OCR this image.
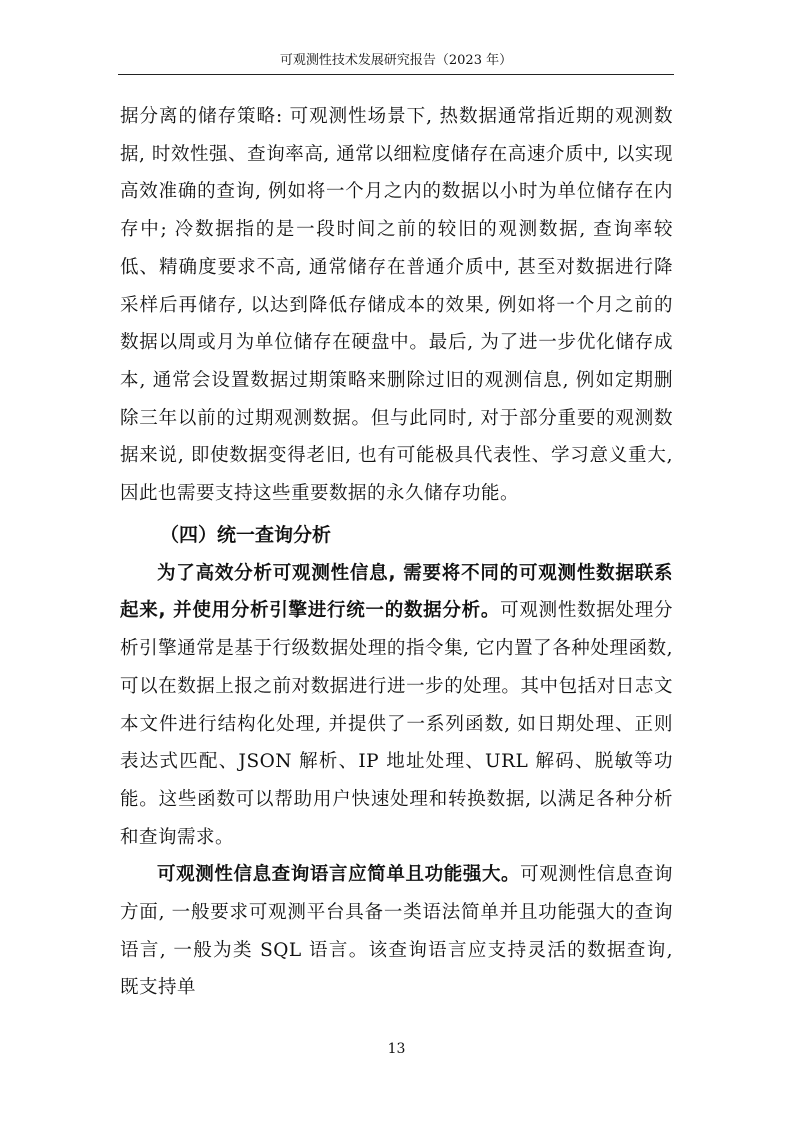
可观测性技术发展研究报告（2023 年）

据分离的储存策略: 可观测性场景下, 热数据通常指近期的观测数据, 时效性强、查询率高, 通常以细粒度储存在高速介质中, 以实现高效准确的查询, 例如将一个月之内的数据以小时为单位储存在内存中; 冷数据指的是一段时间之前的较旧的观测数据, 查询率较低、精确度要求不高, 通常储存在普通介质中, 甚至对数据进行降采样后再储存, 以达到降低存储成本的效果, 例如将一个月之前的数据以周或月为单位储存在硬盘中。最后, 为了进一步优化储存成本, 通常会设置数据过期策略来删除过旧的观测信息, 例如定期删除三年以前的过期观测数据。但与此同时, 对于部分重要的观测数据来说, 即使数据变得老旧, 也有可能极具代表性、学习意义重大, 因此也需要支持这些重要数据的永久储存功能。

（四）统一查询分析

为了高效分析可观测性信息, 需要将不同的可观测性数据联系起来, 并使用分析引擎进行统一的数据分析。可观测性数据处理分析引擎通常是基于行级数据处理的指令集, 它内置了各种处理函数, 可以在数据上报之前对数据进行进一步的处理。其中包括对日志文本文件进行结构化处理, 并提供了一系列函数, 如日期处理、正则表达式匹配、JSON 解析、IP 地址处理、URL 解码、脱敏等功能。这些函数可以帮助用户快速处理和转换数据, 以满足各种分析和查询需求。

可观测性信息查询语言应简单且功能强大。可观测性信息查询方面, 一般要求可观测平台具备一类语法简单并且功能强大的查询语言, 一般为类 SQL 语言。该查询语言应支持灵活的数据查询, 既支持单

13
